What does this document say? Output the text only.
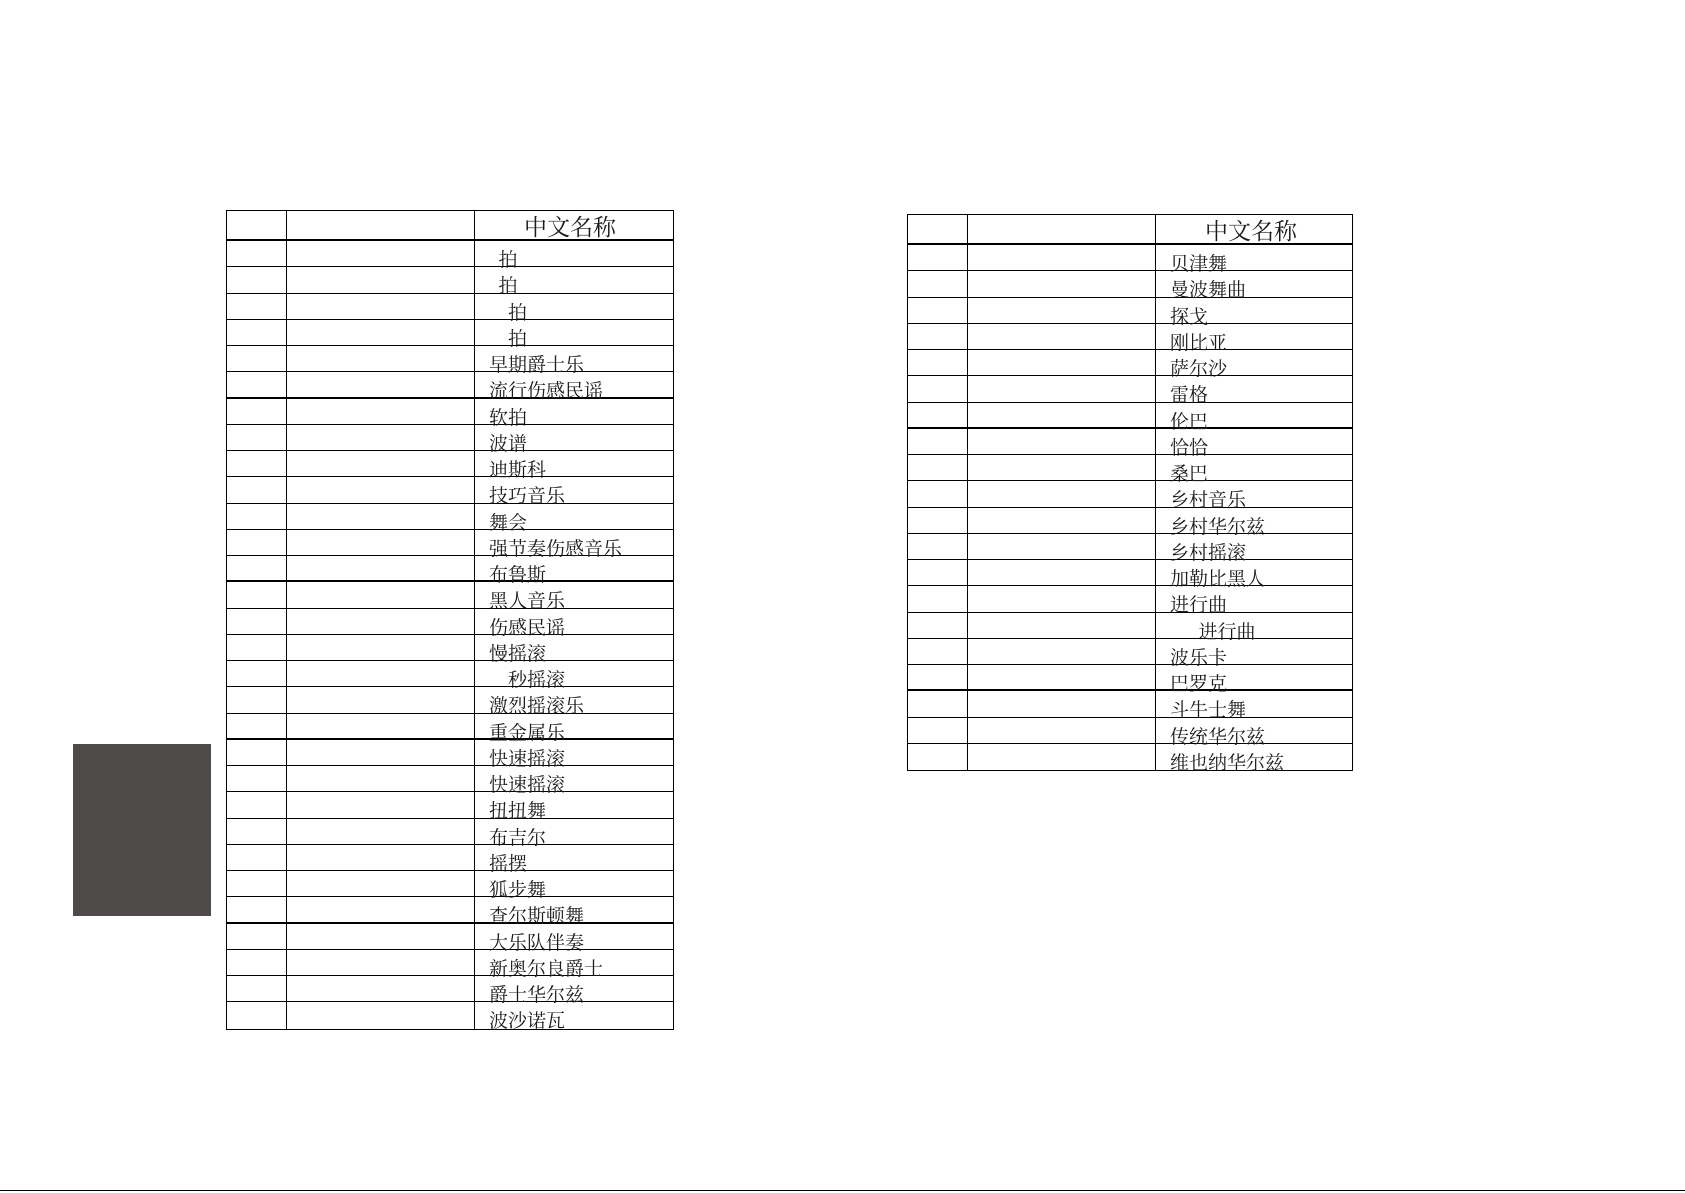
中文名称
拍
拍
拍
拍
早期爵士乐
流行伤感民谣
软拍
波谱
迪斯科
技巧音乐
舞会
强节奏伤感音乐
布鲁斯
黑人音乐
伤感民谣
慢摇滚
秒摇滚
激烈摇滚乐
重金属乐
快速摇滚
快速摇滚
扭扭舞
布吉尔
摇摆
狐步舞
查尔斯顿舞
大乐队伴奏
新奥尔良爵士
爵士华尔兹
波沙诺瓦
中文名称
贝津舞
曼波舞曲
探戈
刚比亚
萨尔沙
雷格
伦巴
恰恰
桑巴
乡村音乐
乡村华尔兹
乡村摇滚
加勒比黑人
进行曲
进行曲
波乐卡
巴罗克
斗牛士舞
传统华尔兹
维也纳华尔兹
